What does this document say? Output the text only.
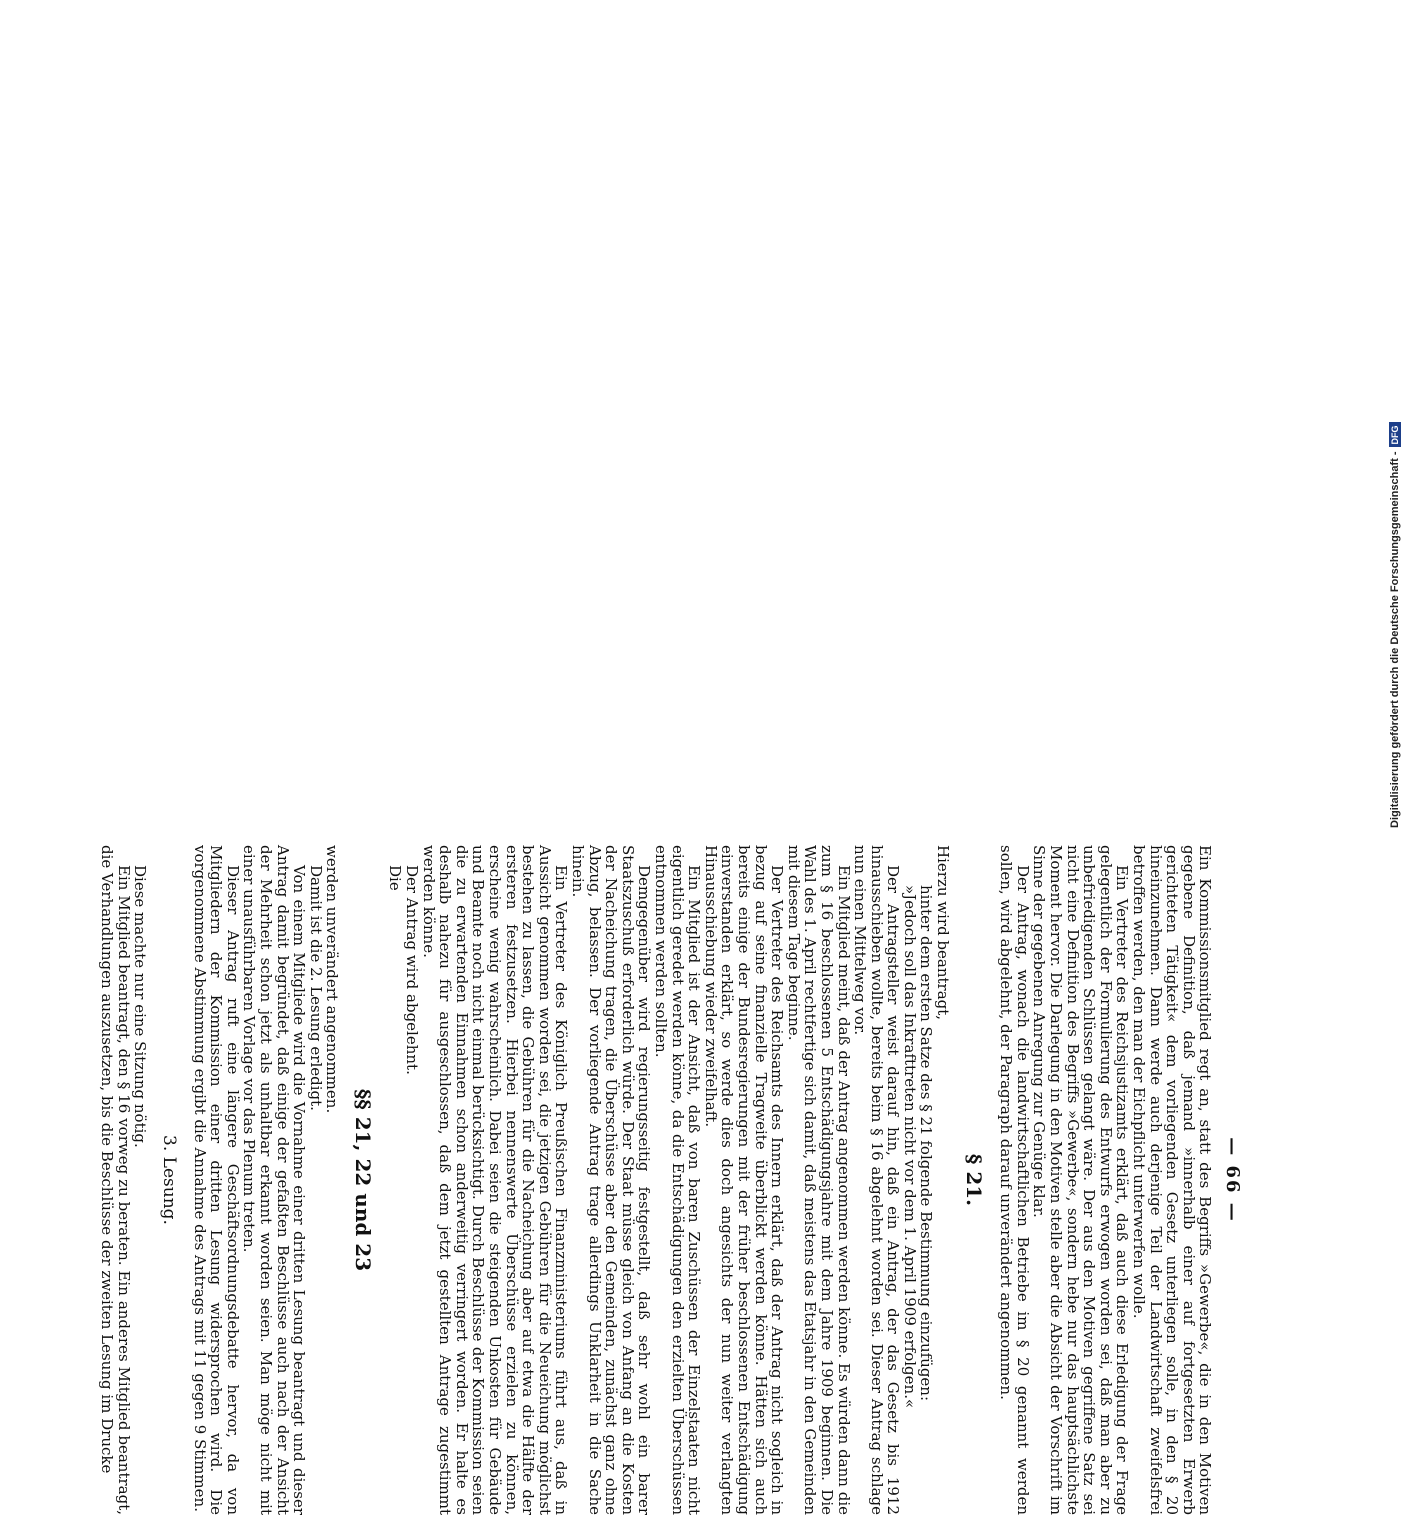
— 66 —

Ein Kommissionsmitglied regt an, statt des Begriffs »Gewerbe«, die in den Motiven gegebene Definition, daß jemand »innerhalb einer auf fortgesetzten Erwerb gerichteten Tätigkeit« dem vorliegenden Gesetz unterliegen solle, in den § 20 hineinzunehmen. Dann werde auch derjenige Teil der Landwirtschaft zweifelsfrei betroffen werden, den man der Eichpflicht unterwerfen wolle.

Ein Vertreter des Reichsjustizamts erklärt, daß auch diese Erledigung der Frage gelegentlich der Formulierung des Entwurfs erwogen worden sei, daß man aber zu unbefriedigenden Schlüssen gelangt wäre. Der aus den Motiven gegriffene Satz sei nicht eine Definition des Begriffs »Gewerbe«, sondern hebe nur das hauptsächlichste Moment hervor. Die Darlegung in den Motiven stelle aber die Absicht der Vorschrift im Sinne der gegebenen Anregung zur Genüge klar.

Der Antrag, wonach die landwirtschaftlichen Betriebe im § 20 genannt werden sollen, wird abgelehnt, der Paragraph darauf unverändert angenommen.

§ 21.

Hierzu wird beantragt,

hinter dem ersten Satze des § 21 folgende Bestimmung einzufügen:

»Jedoch soll das Inkrafttreten nicht vor dem 1. April 1909 erfolgen.«

Der Antragsteller weist darauf hin, daß ein Antrag, der das Gesetz bis 1912 hinausschieben wollte, bereits beim § 16 abgelehnt worden sei. Dieser Antrag schlage nun einen Mittelweg vor.

Ein Mitglied meint, daß der Antrag angenommen werden könne. Es würden dann die zum § 16 beschlossenen 5 Entschädigungsjahre mit dem Jahre 1909 beginnen. Die Wahl des 1. April rechtfertige sich damit, daß meistens das Etatsjahr in den Gemeinden mit diesem Tage beginne.

Der Vertreter des Reichsamts des Innern erklärt, daß der Antrag nicht sogleich in bezug auf seine finanzielle Tragweite überblickt werden könne. Hätten sich auch bereits einige der Bundesregierungen mit der früher beschlossenen Entschädigung einverstanden erklärt, so werde dies doch angesichts der nun weiter verlangten Hinausschiebung wieder zweifelhaft.

Ein Mitglied ist der Ansicht, daß von baren Zuschüssen der Einzelstaaten nicht eigentlich geredet werden könne, da die Entschädigungen den erzielten Überschüssen entnommen werden sollten.

Demgegenüber wird regierungsseitig festgestellt, daß sehr wohl ein barer Staatszuschuß erforderlich würde. Der Staat müsse gleich von Anfang an die Kosten der Nacheichung tragen, die Überschüsse aber den Gemeinden, zunächst ganz ohne Abzug, belassen. Der vorliegende Antrag trage allerdings Unklarheit in die Sache hinein.

Ein Vertreter des Königlich Preußischen Finanzministeriums führt aus, daß in Aussicht genommen worden sei, die jetzigen Gebühren für die Neueichung möglichst bestehen zu lassen, die Gebühren für die Nacheichung aber auf etwa die Hälfte der ersteren festzusetzen. Hierbei nennenswerte Überschüsse erzielen zu können, erscheine wenig wahrscheinlich. Dabei seien die steigenden Unkosten für Gebäude und Beamte noch nicht einmal berücksichtigt. Durch Beschlüsse der Kommission seien die zu erwartenden Einnahmen schon anderweitig verringert worden. Er halte es deshalb nahezu für ausgeschlossen, daß dem jetzt gestellten Antrage zugestimmt werden könne.

Der Antrag wird abgelehnt.

Die

§§ 21, 22 und 23

werden unverändert angenommen.

Damit ist die 2. Lesung erledigt.

Von einem Mitgliede wird die Vornahme einer dritten Lesung beantragt und dieser Antrag damit begründet, daß einige der gefaßten Beschlüsse auch nach der Ansicht der Mehrheit schon jetzt als unhaltbar erkannt worden seien. Man möge nicht mit einer unausführbaren Vorlage vor das Plenum treten.

Dieser Antrag ruft eine längere Geschäftsordnungsdebatte hervor, da von Mitgliedern der Kommission einer dritten Lesung widersprochen wird. Die vorgenommene Abstimmung ergibt die Annahme des Antrags mit 11 gegen 9 Stimmen.

3. Lesung.

Diese machte nur eine Sitzung nötig.

Ein Mitglied beantragt, den § 16 vorweg zu beraten. Ein anderes Mitglied beantragt, die Verhandlungen auszusetzen, bis die Beschlüsse der zweiten Lesung im Drucke

Digitalisierung gefördert durch die Deutsche Forschungsgemeinschaft -
DFG
